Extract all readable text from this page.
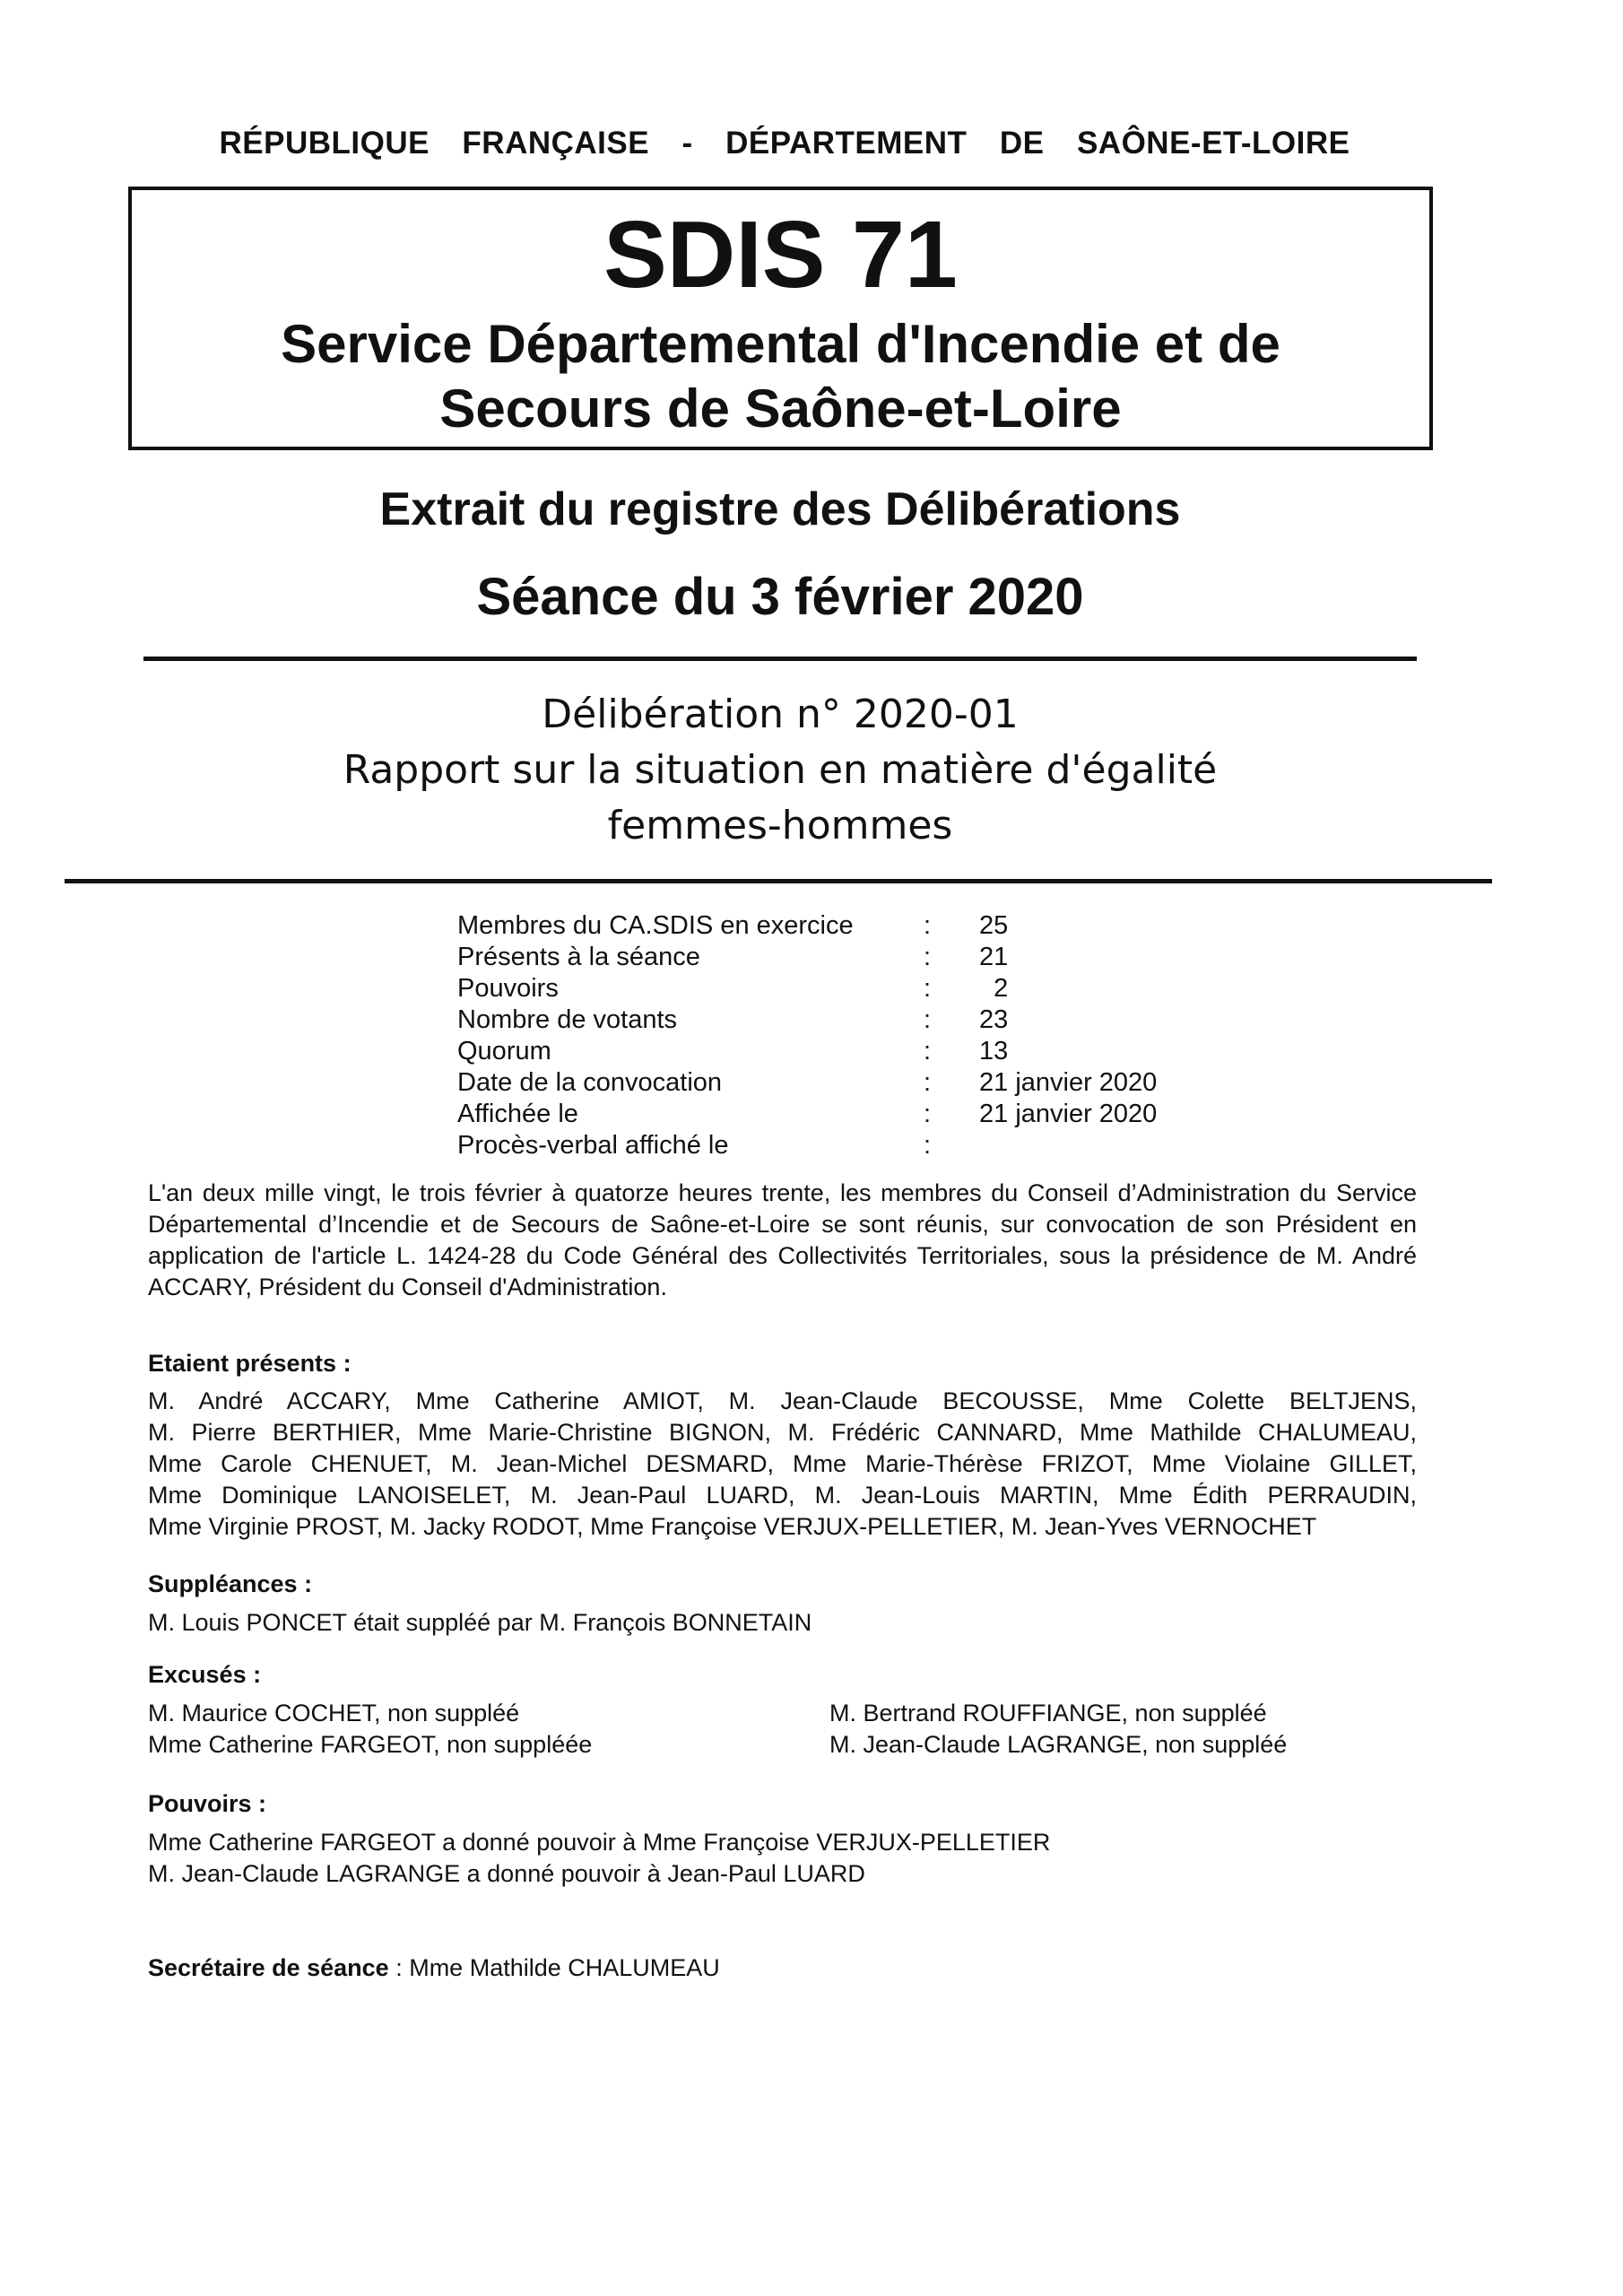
RÉPUBLIQUE  FRANÇAISE  -  DÉPARTEMENT  DE  SAÔNE-ET-LOIRE
SDIS 71
Service Départemental d'Incendie et de
Secours de Saône-et-Loire
Extrait du registre des Délibérations
Séance du 3 février 2020
Délibération n° 2020-01
Rapport sur la situation en matière d'égalité
femmes-hommes
Membres du CA.SDIS en exercice	:	25
Présents à la séance	:	21
Pouvoirs	:	2
Nombre de votants	:	23
Quorum	:	13
Date de la convocation	:	21 janvier 2020
Affichée le	:	21 janvier 2020
Procès-verbal affiché le	:
L'an deux mille vingt, le trois février à quatorze heures trente, les membres du Conseil d’Administration du Service Départemental d’Incendie et de Secours de Saône-et-Loire se sont réunis, sur convocation de son Président en application de l'article L. 1424-28 du Code Général des Collectivités Territoriales, sous la présidence de M. André ACCARY, Président du Conseil d'Administration.
Etaient présents :
M. André ACCARY, Mme Catherine AMIOT, M. Jean-Claude BECOUSSE, Mme Colette BELTJENS,
M. Pierre BERTHIER, Mme Marie-Christine BIGNON, M. Frédéric CANNARD, Mme Mathilde CHALUMEAU,
Mme Carole CHENUET, M. Jean-Michel DESMARD, Mme Marie-Thérèse FRIZOT, Mme Violaine GILLET,
Mme Dominique LANOISELET, M. Jean-Paul LUARD, M. Jean-Louis MARTIN, Mme Édith PERRAUDIN,
Mme Virginie PROST, M. Jacky RODOT, Mme Françoise VERJUX-PELLETIER, M. Jean-Yves VERNOCHET
Suppléances :
M. Louis PONCET était suppléé par M. François BONNETAIN
Excusés :
M. Maurice COCHET, non suppléé	M. Bertrand ROUFFIANGE, non suppléé
Mme Catherine FARGEOT, non suppléée	M. Jean-Claude LAGRANGE, non suppléé
Pouvoirs :
Mme Catherine FARGEOT a donné pouvoir à Mme Françoise VERJUX-PELLETIER
M. Jean-Claude LAGRANGE a donné pouvoir à Jean-Paul LUARD
Secrétaire de séance : Mme Mathilde CHALUMEAU
